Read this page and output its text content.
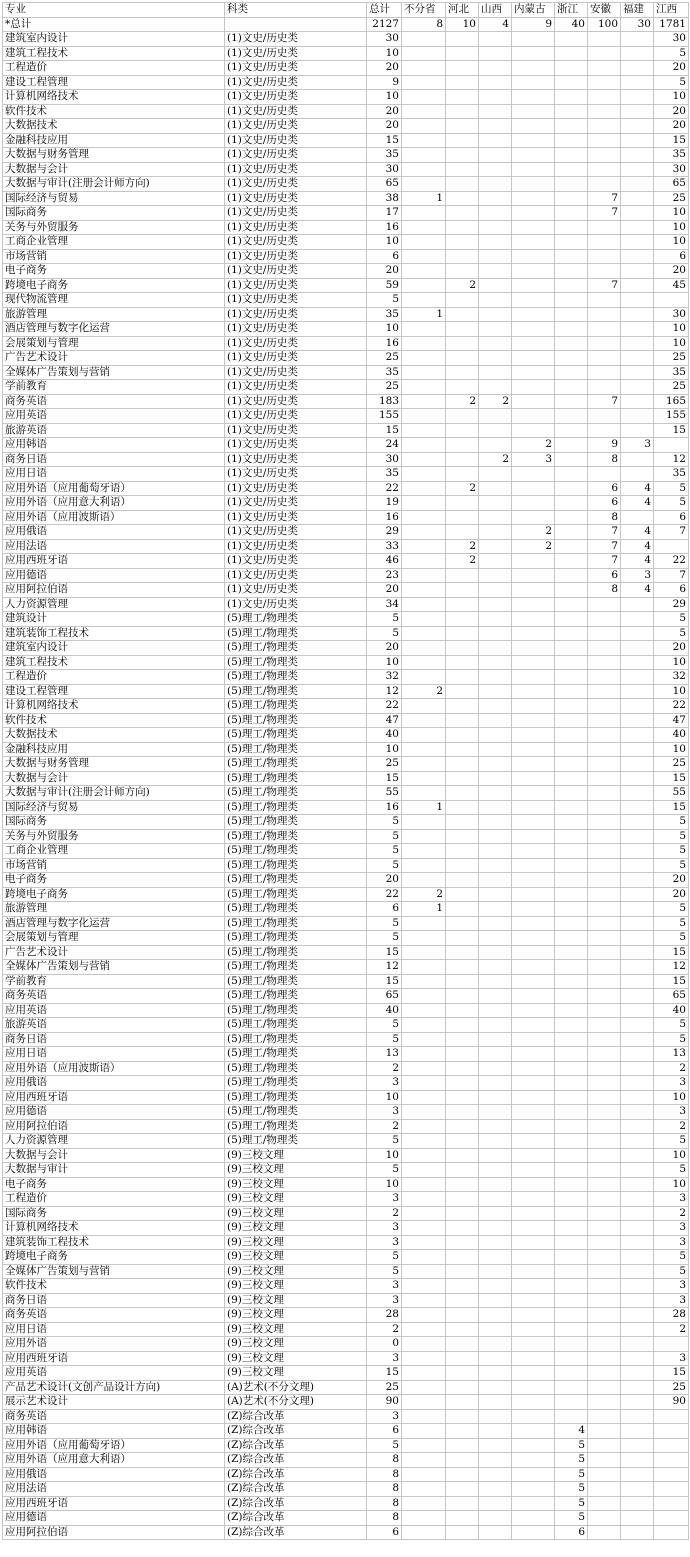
专业	科类	总计	不分省	河北	山西	内蒙古	浙江	安徽	福建	江西
*总计		2127	8	10	4	9	40	100	30	1781
建筑室内设计	(1)文史/历史类	30								30
建筑工程技术	(1)文史/历史类	10								5
工程造价	(1)文史/历史类	20								20
建设工程管理	(1)文史/历史类	9								5
计算机网络技术	(1)文史/历史类	10								10
软件技术	(1)文史/历史类	20								20
大数据技术	(1)文史/历史类	20								20
金融科技应用	(1)文史/历史类	15								15
大数据与财务管理	(1)文史/历史类	35								35
大数据与会计	(1)文史/历史类	30								30
大数据与审计(注册会计师方向)	(1)文史/历史类	65								65
国际经济与贸易	(1)文史/历史类	38	1					7		25
国际商务	(1)文史/历史类	17						7		10
关务与外贸服务	(1)文史/历史类	16								10
工商企业管理	(1)文史/历史类	10								10
市场营销	(1)文史/历史类	6								6
电子商务	(1)文史/历史类	20								20
跨境电子商务	(1)文史/历史类	59		2				7		45
现代物流管理	(1)文史/历史类	5								
旅游管理	(1)文史/历史类	35	1							30
酒店管理与数字化运营	(1)文史/历史类	10								10
会展策划与管理	(1)文史/历史类	16								10
广告艺术设计	(1)文史/历史类	25								25
全媒体广告策划与营销	(1)文史/历史类	35								35
学前教育	(1)文史/历史类	25								25
商务英语	(1)文史/历史类	183		2	2			7		165
应用英语	(1)文史/历史类	155								155
旅游英语	(1)文史/历史类	15								15
应用韩语	(1)文史/历史类	24				2		9	3	
商务日语	(1)文史/历史类	30			2	3		8		12
应用日语	(1)文史/历史类	35								35
应用外语（应用葡萄牙语）	(1)文史/历史类	22		2				6	4	5
应用外语（应用意大利语）	(1)文史/历史类	19						6	4	5
应用外语（应用波斯语）	(1)文史/历史类	16						8		6
应用俄语	(1)文史/历史类	29				2		7	4	7
应用法语	(1)文史/历史类	33		2		2		7	4	
应用西班牙语	(1)文史/历史类	46		2				7	4	22
应用德语	(1)文史/历史类	23						6	3	7
应用阿拉伯语	(1)文史/历史类	20						8	4	6
人力资源管理	(1)文史/历史类	34								29
建筑设计	(5)理工/物理类	5								5
建筑装饰工程技术	(5)理工/物理类	5								5
建筑室内设计	(5)理工/物理类	20								20
建筑工程技术	(5)理工/物理类	10								10
工程造价	(5)理工/物理类	32								32
建设工程管理	(5)理工/物理类	12	2							10
计算机网络技术	(5)理工/物理类	22								22
软件技术	(5)理工/物理类	47								47
大数据技术	(5)理工/物理类	40								40
金融科技应用	(5)理工/物理类	10								10
大数据与财务管理	(5)理工/物理类	25								25
大数据与会计	(5)理工/物理类	15								15
大数据与审计(注册会计师方向)	(5)理工/物理类	55								55
国际经济与贸易	(5)理工/物理类	16	1							15
国际商务	(5)理工/物理类	5								5
关务与外贸服务	(5)理工/物理类	5								5
工商企业管理	(5)理工/物理类	5								5
市场营销	(5)理工/物理类	5								5
电子商务	(5)理工/物理类	20								20
跨境电子商务	(5)理工/物理类	22	2							20
旅游管理	(5)理工/物理类	6	1							5
酒店管理与数字化运营	(5)理工/物理类	5								5
会展策划与管理	(5)理工/物理类	5								5
广告艺术设计	(5)理工/物理类	15								15
全媒体广告策划与营销	(5)理工/物理类	12								12
学前教育	(5)理工/物理类	15								15
商务英语	(5)理工/物理类	65								65
应用英语	(5)理工/物理类	40								40
旅游英语	(5)理工/物理类	5								5
商务日语	(5)理工/物理类	5								5
应用日语	(5)理工/物理类	13								13
应用外语（应用波斯语）	(5)理工/物理类	2								2
应用俄语	(5)理工/物理类	3								3
应用西班牙语	(5)理工/物理类	10								10
应用德语	(5)理工/物理类	3								3
应用阿拉伯语	(5)理工/物理类	2								2
人力资源管理	(5)理工/物理类	5								5
大数据与会计	(9)三校文理	10								10
大数据与审计	(9)三校文理	5								5
电子商务	(9)三校文理	10								10
工程造价	(9)三校文理	3								3
国际商务	(9)三校文理	2								2
计算机网络技术	(9)三校文理	3								3
建筑装饰工程技术	(9)三校文理	3								3
跨境电子商务	(9)三校文理	5								5
全媒体广告策划与营销	(9)三校文理	5								5
软件技术	(9)三校文理	3								3
商务日语	(9)三校文理	3								3
商务英语	(9)三校文理	28								28
应用日语	(9)三校文理	2								2
应用外语	(9)三校文理	0								
应用西班牙语	(9)三校文理	3								3
应用英语	(9)三校文理	15								15
产品艺术设计(文创产品设计方向)	(A)艺术(不分文理)	25								25
展示艺术设计	(A)艺术(不分文理)	90								90
商务英语	(Z)综合改革	3								
应用韩语	(Z)综合改革	6					4			
应用外语（应用葡萄牙语）	(Z)综合改革	5					5			
应用外语（应用意大利语）	(Z)综合改革	8					5			
应用俄语	(Z)综合改革	8					5			
应用法语	(Z)综合改革	8					5			
应用西班牙语	(Z)综合改革	8					5			
应用德语	(Z)综合改革	8					5			
应用阿拉伯语	(Z)综合改革	6					6			
